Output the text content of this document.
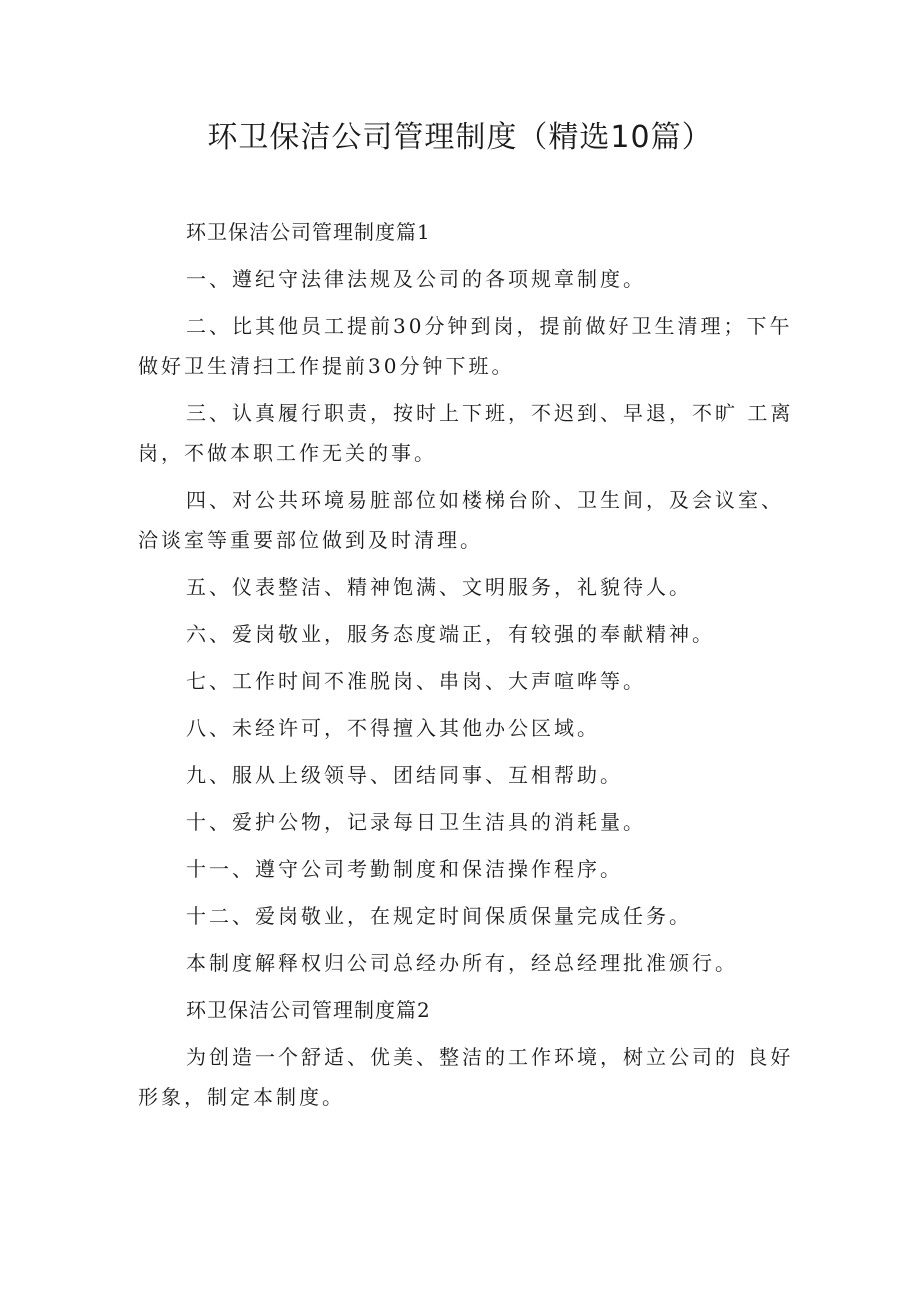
环卫保洁公司管理制度（精选10篇）

环卫保洁公司管理制度篇1

一、遵纪守法律法规及公司的各项规章制度。

二、比其他员工提前30分钟到岗，提前做好卫生清理；下午做好卫生清扫工作提前30分钟下班。

三、认真履行职责，按时上下班，不迟到、早退，不旷 工离岗，不做本职工作无关的事。

四、对公共环境易脏部位如楼梯台阶、卫生间，及会议室、洽谈室等重要部位做到及时清理。

五、仪表整洁、精神饱满、文明服务，礼貌待人。

六、爱岗敬业，服务态度端正，有较强的奉献精神。

七、工作时间不准脱岗、串岗、大声喧哗等。

八、未经许可，不得擅入其他办公区域。

九、服从上级领导、团结同事、互相帮助。

十、爱护公物，记录每日卫生洁具的消耗量。

十一、遵守公司考勤制度和保洁操作程序。

十二、爱岗敬业，在规定时间保质保量完成任务。

本制度解释权归公司总经办所有，经总经理批准颁行。

环卫保洁公司管理制度篇2

为创造一个舒适、优美、整洁的工作环境，树立公司的 良好形象，制定本制度。
